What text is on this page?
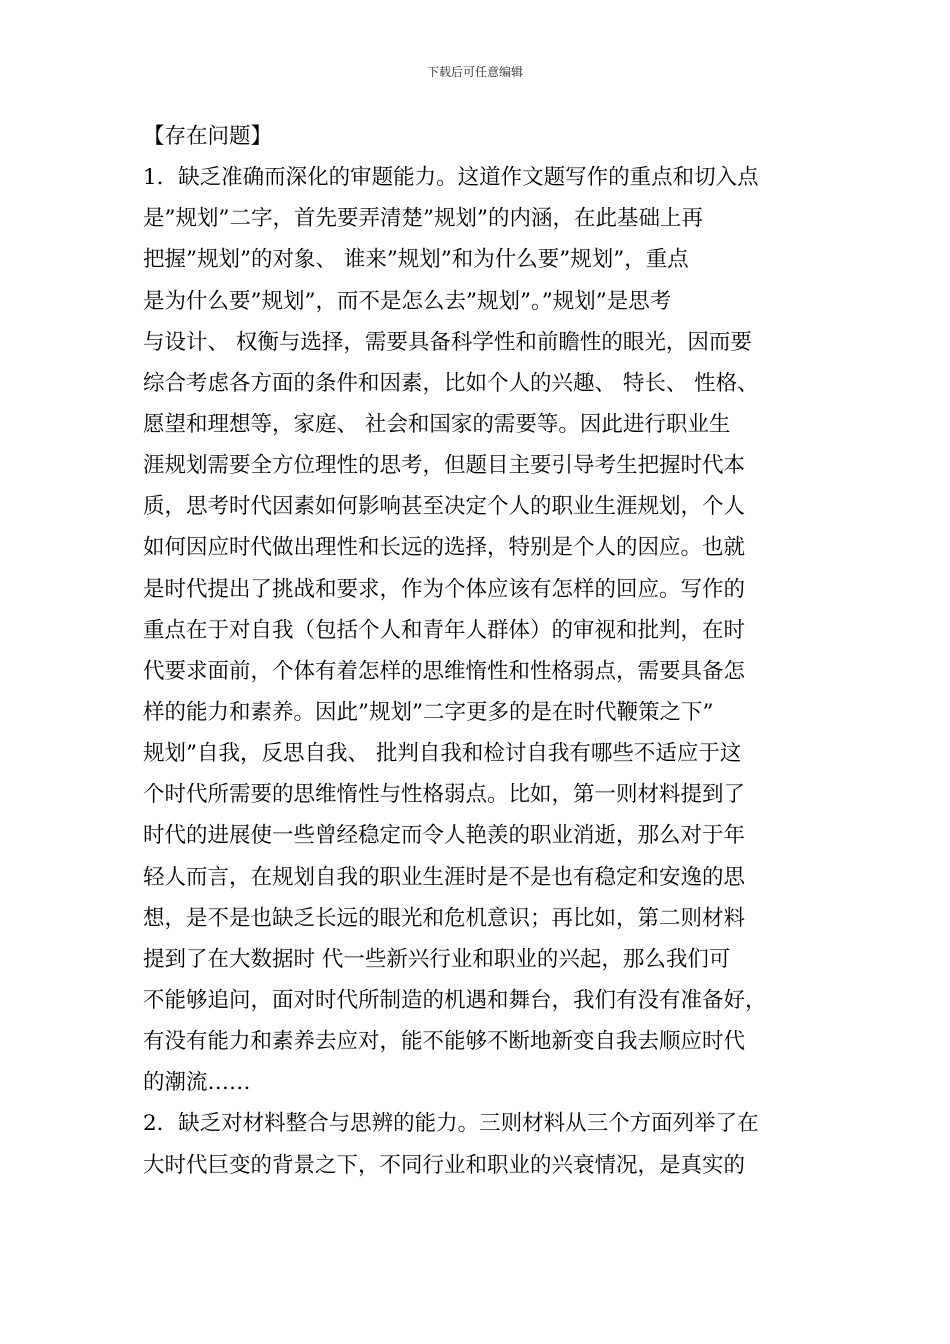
下载后可任意编辑
【存在问题】
1．缺乏准确而深化的审题能力。这道作文题写作的重点和切入点
是”规划”二字，首先要弄清楚”规划”的内涵，在此基础上再
把握”规划”的对象、 谁来”规划”和为什么要”规划”，重点
是为什么要”规划”，而不是怎么去”规划”。”规划”是思考
与设计、 权衡与选择，需要具备科学性和前瞻性的眼光，因而要
综合考虑各方面的条件和因素，比如个人的兴趣、 特长、 性格、
愿望和理想等，家庭、 社会和国家的需要等。因此进行职业生
涯规划需要全方位理性的思考，但题目主要引导考生把握时代本
质，思考时代因素如何影响甚至决定个人的职业生涯规划，个人
如何因应时代做出理性和长远的选择，特别是个人的因应。也就
是时代提出了挑战和要求，作为个体应该有怎样的回应。写作的
重点在于对自我（包括个人和青年人群体）的审视和批判，在时
代要求面前，个体有着怎样的思维惰性和性格弱点，需要具备怎
样的能力和素养。因此”规划”二字更多的是在时代鞭策之下”
规划”自我，反思自我、 批判自我和检讨自我有哪些不适应于这
个时代所需要的思维惰性与性格弱点。比如，第一则材料提到了
时代的进展使一些曾经稳定而令人艳羡的职业消逝，那么对于年
轻人而言，在规划自我的职业生涯时是不是也有稳定和安逸的思
想，是不是也缺乏长远的眼光和危机意识；再比如，第二则材料
提到了在大数据时 代一些新兴行业和职业的兴起，那么我们可
不能够追问，面对时代所制造的机遇和舞台，我们有没有准备好，
有没有能力和素养去应对，能不能够不断地新变自我去顺应时代
的潮流……
2．缺乏对材料整合与思辨的能力。三则材料从三个方面列举了在
大时代巨变的背景之下，不同行业和职业的兴衰情况，是真实的
